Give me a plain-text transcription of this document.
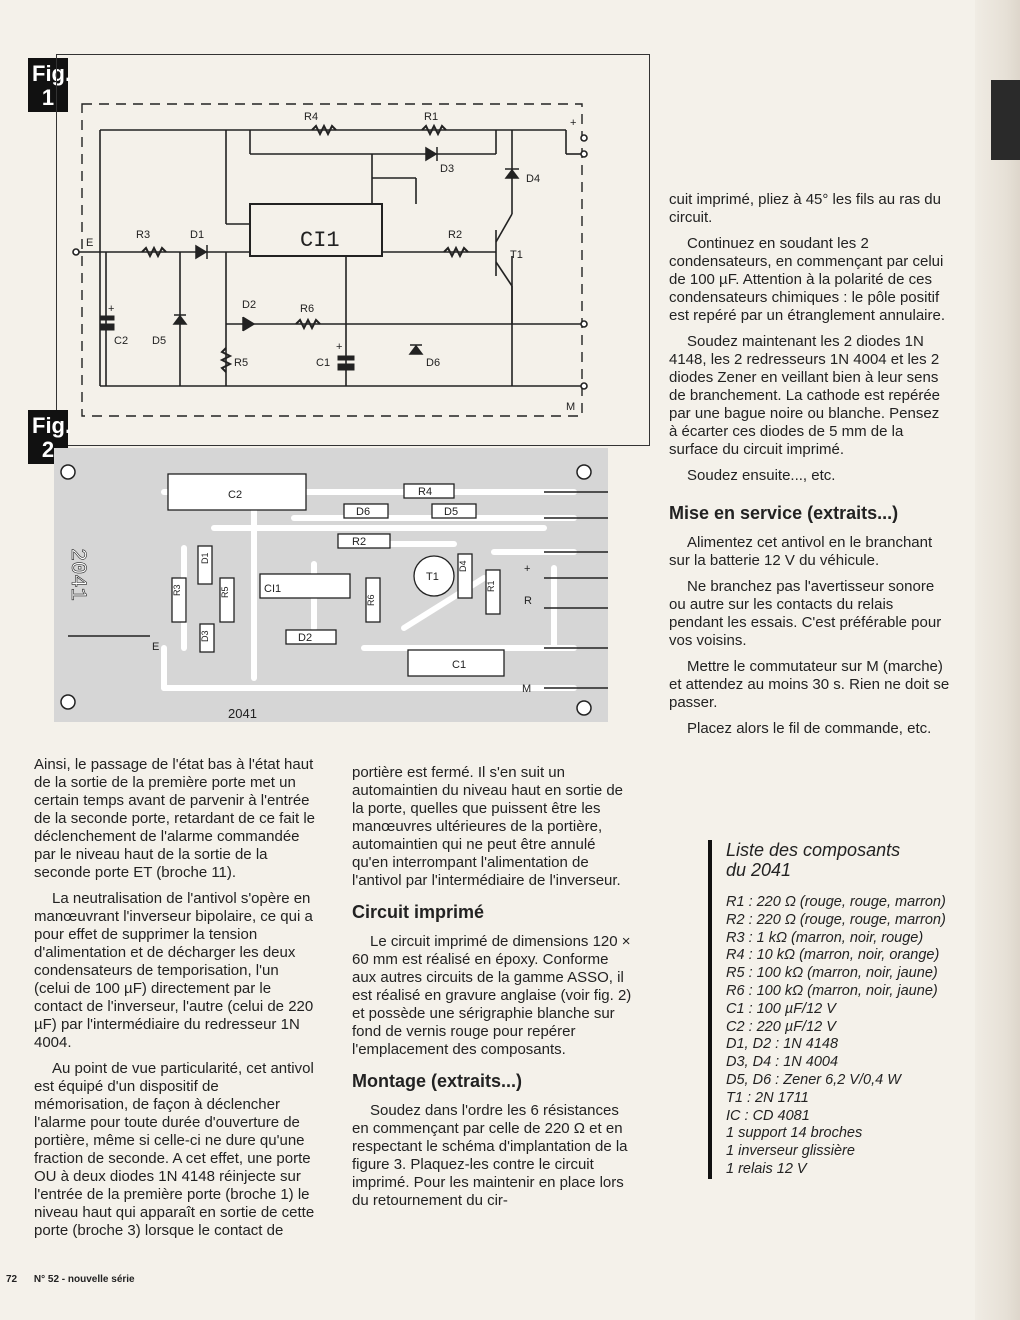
Fig.
1
R4	R1
D3
D4
R3	D1	R2
T1
D2	R6
C2 D5
R5	C1	D6
E
M
+
+
+
CI1
Fig.
2
C2	R4
D6	D5
R2
CI1
T1
D2
C1
E
R
M
+
2041
R3
D1
R5
R6
D4
R1
D3
2041

cuit imprimé, pliez à 45° les fils au ras du circuit.

Continuez en soudant les 2 condensateurs, en commençant par celui de 100 µF. Attention à la polarité de ces condensateurs chimiques : le pôle positif est repéré par un étranglement annulaire.

Soudez maintenant les 2 diodes 1N 4148, les 2 redresseurs 1N 4004 et les 2 diodes Zener en veillant bien à leur sens de branchement. La cathode est repérée par une bague noire ou blanche. Pensez à écarter ces diodes de 5 mm de la surface du circuit imprimé.

Soudez ensuite..., etc.

Mise en service (extraits...)

Alimentez cet antivol en le branchant sur la batterie 12 V du véhicule.

Ne branchez pas l'avertisseur sonore ou autre sur les contacts du relais pendant les essais. C'est préférable pour vos voisins.

Mettre le commutateur sur M (marche) et attendez au moins 30 s. Rien ne doit se passer.

Placez alors le fil de commande, etc.

Ainsi, le passage de l'état bas à l'état haut de la sortie de la première porte met un certain temps avant de parvenir à l'entrée de la seconde porte, retardant de ce fait le déclenchement de l'alarme commandée par le niveau haut de la sortie de la seconde porte ET (broche 11).

La neutralisation de l'antivol s'opère en manœuvrant l'inverseur bipolaire, ce qui a pour effet de supprimer la tension d'alimentation et de décharger les deux condensateurs de temporisation, l'un (celui de 100 µF) directement par le contact de l'inverseur, l'autre (celui de 220 µF) par l'intermédiaire du redresseur 1N 4004.

Au point de vue particularité, cet antivol est équipé d'un dispositif de mémorisation, de façon à déclencher l'alarme pour toute durée d'ouverture de portière, même si celle-ci ne dure qu'une fraction de seconde. A cet effet, une porte OU à deux diodes 1N 4148 réinjecte sur l'entrée de la première porte (broche 1) le niveau haut qui apparaît en sortie de cette porte (broche 3) lorsque le contact de

portière est fermé. Il s'en suit un automaintien du niveau haut en sortie de la porte, quelles que puissent être les manœuvres ultérieures de la portière, automaintien qui ne peut être annulé qu'en interrompant l'alimentation de l'antivol par l'intermédiaire de l'inverseur.

Circuit imprimé

Le circuit imprimé de dimensions 120 × 60 mm est réalisé en époxy. Conforme aux autres circuits de la gamme ASSO, il est réalisé en gravure anglaise (voir fig. 2) et possède une sérigraphie blanche sur fond de vernis rouge pour repérer l'emplacement des composants.

Montage (extraits...)

Soudez dans l'ordre les 6 résistances en commençant par celle de 220 Ω et en respectant le schéma d'implantation de la figure 3. Plaquez-les contre le circuit imprimé. Pour les maintenir en place lors du retournement du cir-

Liste des composants
du 2041
R1 : 220 Ω (rouge, rouge, marron)
R2 : 220 Ω (rouge, rouge, marron)
R3 : 1 kΩ (marron, noir, rouge)
R4 : 10 kΩ (marron, noir, orange)
R5 : 100 kΩ (marron, noir, jaune)
R6 : 100 kΩ (marron, noir, jaune)
C1 : 100 µF/12 V
C2 : 220 µF/12 V
D1, D2 : 1N 4148
D3, D4 : 1N 4004
D5, D6 : Zener 6,2 V/0,4 W
T1 : 2N 1711
IC : CD 4081
1 support 14 broches
1 inverseur glissière
1 relais 12 V
72 N° 52 - nouvelle série
